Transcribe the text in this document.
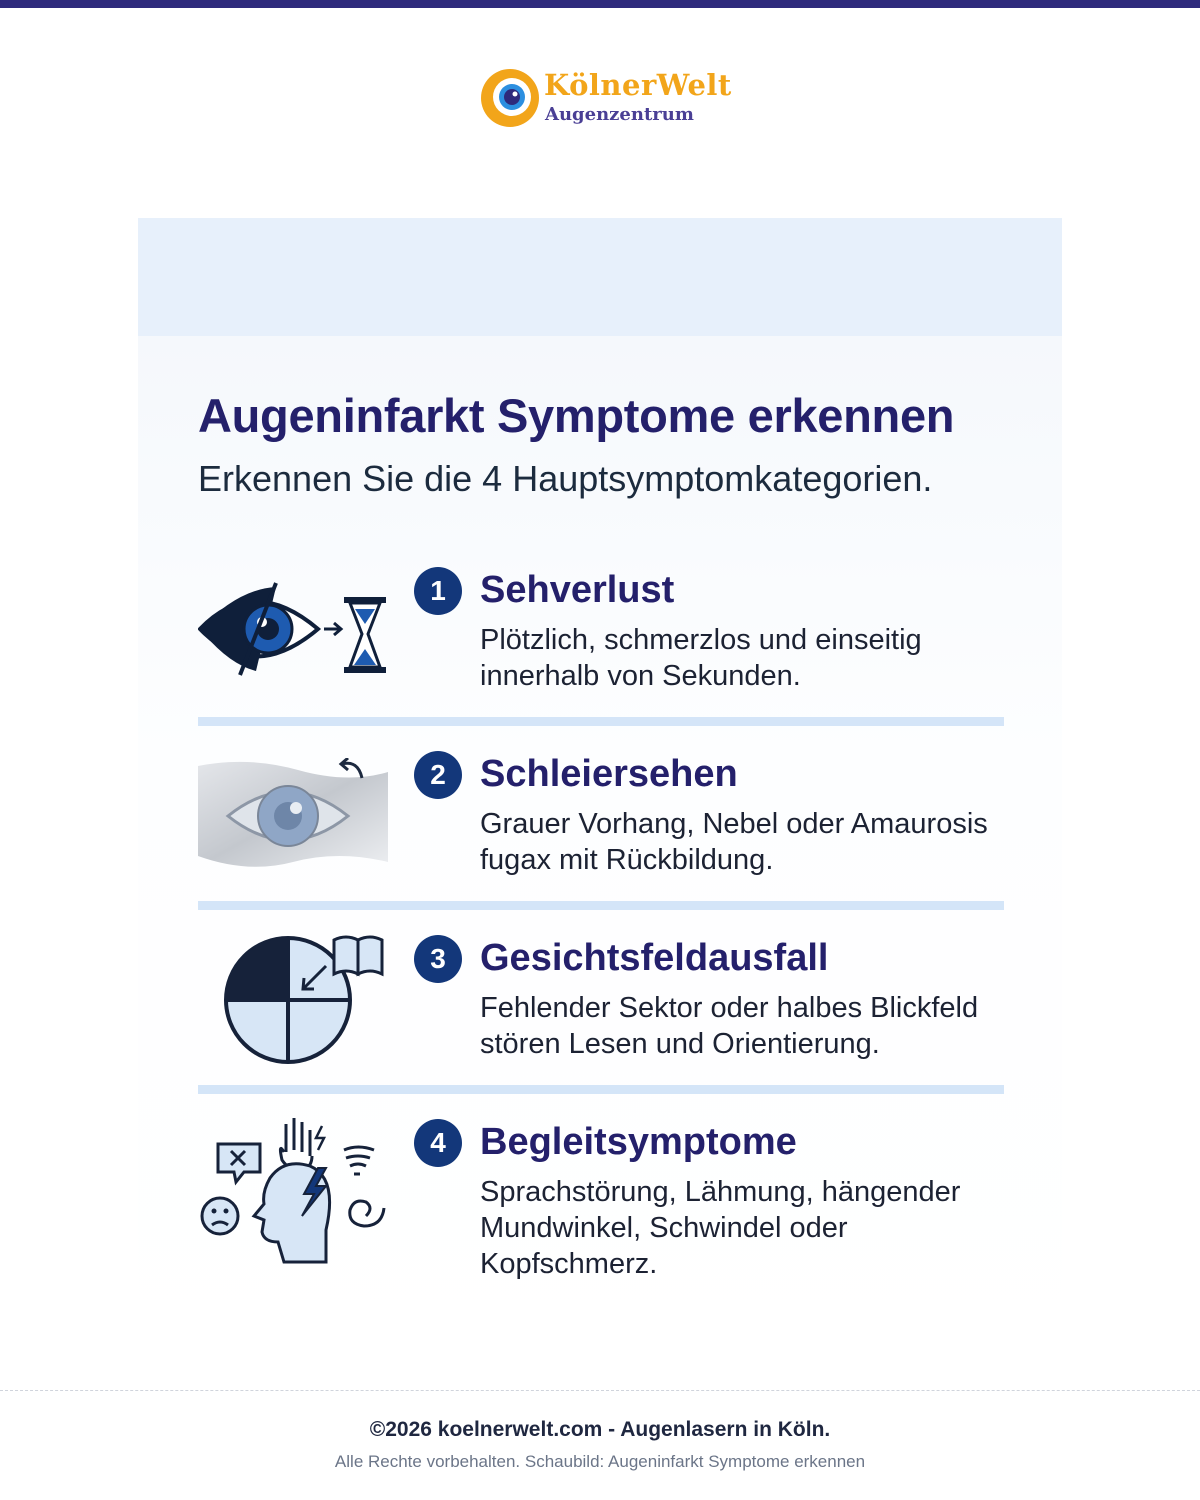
KölnerWelt
Augenzentrum
Augeninfarkt Symptome erkennen
Erkennen Sie die 4 Hauptsymptomkategorien.
1 Sehverlust
Plötzlich, schmerzlos und einseitig innerhalb von Sekunden.
2 Schleiersehen
Grauer Vorhang, Nebel oder Amaurosis fugax mit Rückbildung.
3 Gesichtsfeldausfall
Fehlender Sektor oder halbes Blickfeld stören Lesen und Orientierung.
4 Begleitsymptome
Sprachstörung, Lähmung, hängender Mundwinkel, Schwindel oder Kopfschmerz.
©2026 koelnerwelt.com - Augenlasern in Köln.
Alle Rechte vorbehalten. Schaubild: Augeninfarkt Symptome erkennen
